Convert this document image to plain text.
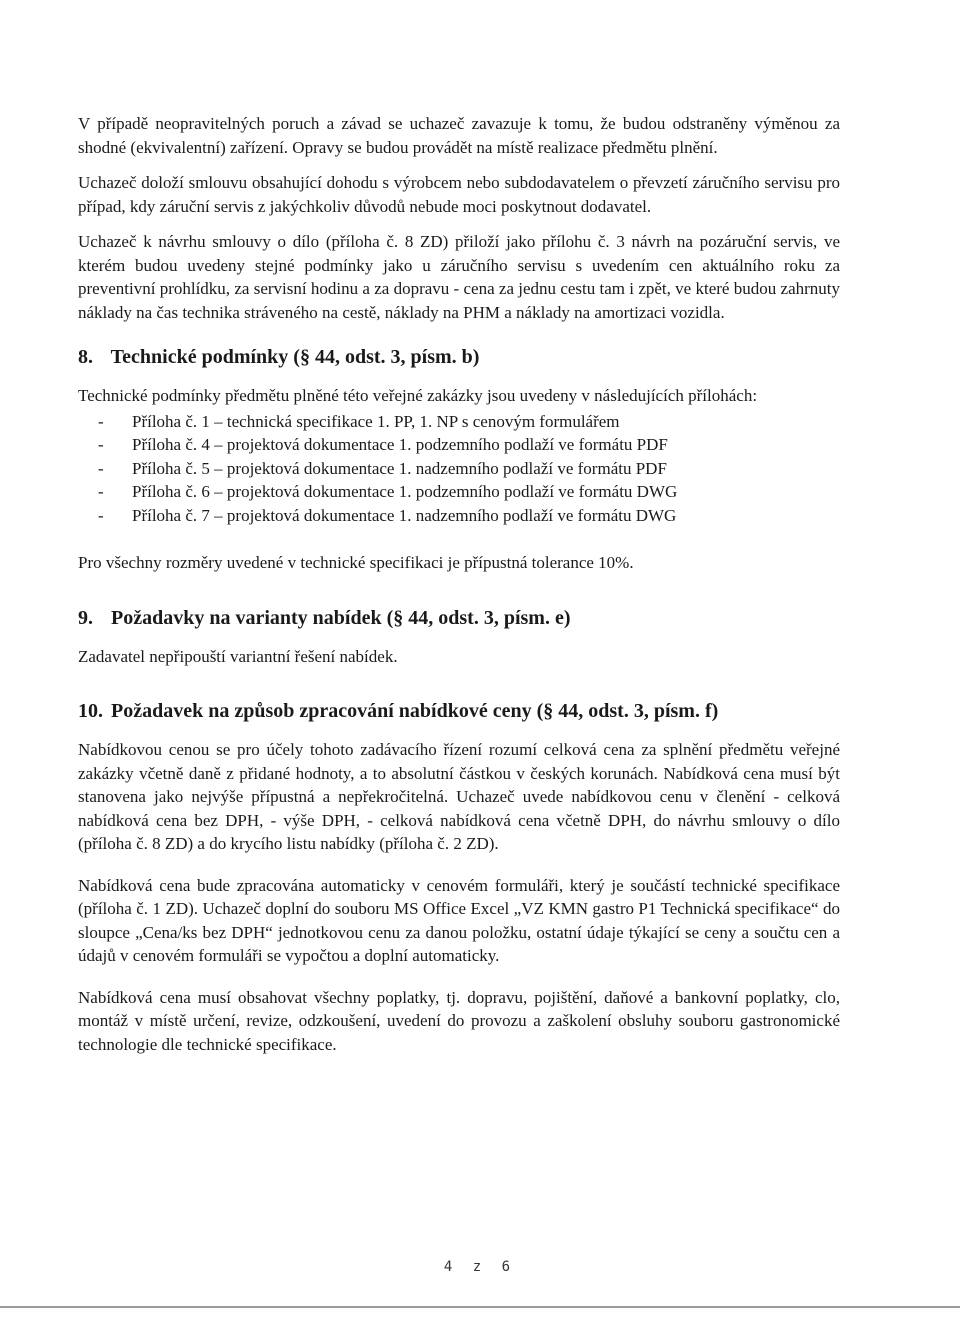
V případě neopravitelných poruch a závad se uchazeč zavazuje k tomu, že budou odstraněny výměnou za shodné (ekvivalentní) zařízení. Opravy se budou provádět na místě realizace předmětu plnění.

Uchazeč doloží smlouvu obsahující dohodu s výrobcem nebo subdodavatelem o převzetí záručního servisu pro případ, kdy záruční servis z jakýchkoliv důvodů nebude moci poskytnout dodavatel.

Uchazeč k návrhu smlouvy o dílo (příloha č. 8 ZD) přiloží jako přílohu č. 3 návrh na pozáruční servis, ve kterém budou uvedeny stejné podmínky jako u záručního servisu s uvedením cen aktuálního roku za preventivní prohlídku, za servisní hodinu a za dopravu - cena za jednu cestu tam i zpět, ve které budou zahrnuty náklady na čas technika stráveného na cestě, náklady na PHM a náklady na amortizaci vozidla.

8. Technické podmínky (§ 44, odst. 3, písm. b)

Technické podmínky předmětu plněné této veřejné zakázky jsou uvedeny v následujících přílohách:

- Příloha č. 1 – technická specifikace 1. PP, 1. NP s cenovým formulářem
- Příloha č. 4 – projektová dokumentace 1. podzemního podlaží ve formátu PDF
- Příloha č. 5 – projektová dokumentace 1. nadzemního podlaží ve formátu PDF
- Příloha č. 6 – projektová dokumentace 1. podzemního podlaží ve formátu DWG
- Příloha č. 7 – projektová dokumentace 1. nadzemního podlaží ve formátu DWG

Pro všechny rozměry uvedené v technické specifikaci je přípustná tolerance 10%.

9. Požadavky na varianty nabídek (§ 44, odst. 3, písm. e)

Zadavatel nepřipouští variantní řešení nabídek.

10. Požadavek na způsob zpracování nabídkové ceny (§ 44, odst. 3, písm. f)

Nabídkovou cenou se pro účely tohoto zadávacího řízení rozumí celková cena za splnění předmětu veřejné zakázky včetně daně z přidané hodnoty, a to absolutní částkou v českých korunách. Nabídková cena musí být stanovena jako nejvýše přípustná a nepřekročitelná. Uchazeč uvede nabídkovou cenu v členění - celková nabídková cena bez DPH, - výše DPH, - celková nabídková cena včetně DPH, do návrhu smlouvy o dílo (příloha č. 8 ZD) a do krycího listu nabídky (příloha č. 2 ZD).

Nabídková cena bude zpracována automaticky v cenovém formuláři, který je součástí technické specifikace (příloha č. 1 ZD). Uchazeč doplní do souboru MS Office Excel „VZ KMN gastro P1 Technická specifikace“ do sloupce „Cena/ks bez DPH“ jednotkovou cenu za danou položku, ostatní údaje týkající se ceny a součtu cen a údajů v cenovém formuláři se vypočtou a doplní automaticky.

Nabídková cena musí obsahovat všechny poplatky, tj. dopravu, pojištění, daňové a bankovní poplatky, clo, montáž v místě určení, revize, odzkoušení, uvedení do provozu a zaškolení obsluhy souboru gastronomické technologie dle technické specifikace.

4 z 6
